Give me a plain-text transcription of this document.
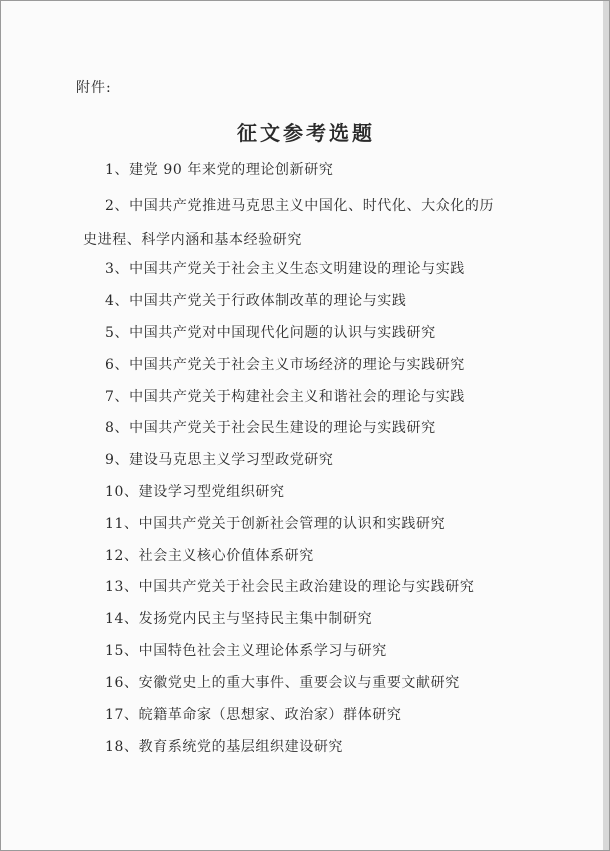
附件:
征文参考选题
1、建党 90 年来党的理论创新研究
2、中国共产党推进马克思主义中国化、时代化、大众化的历
史进程、科学内涵和基本经验研究
3、中国共产党关于社会主义生态文明建设的理论与实践
4、中国共产党关于行政体制改革的理论与实践
5、中国共产党对中国现代化问题的认识与实践研究
6、中国共产党关于社会主义市场经济的理论与实践研究
7、中国共产党关于构建社会主义和谐社会的理论与实践
8、中国共产党关于社会民生建设的理论与实践研究
9、建设马克思主义学习型政党研究
10、建设学习型党组织研究
11、中国共产党关于创新社会管理的认识和实践研究
12、社会主义核心价值体系研究
13、中国共产党关于社会民主政治建设的理论与实践研究
14、发扬党内民主与坚持民主集中制研究
15、中国特色社会主义理论体系学习与研究
16、安徽党史上的重大事件、重要会议与重要文献研究
17、皖籍革命家（思想家、政治家）群体研究
18、教育系统党的基层组织建设研究
